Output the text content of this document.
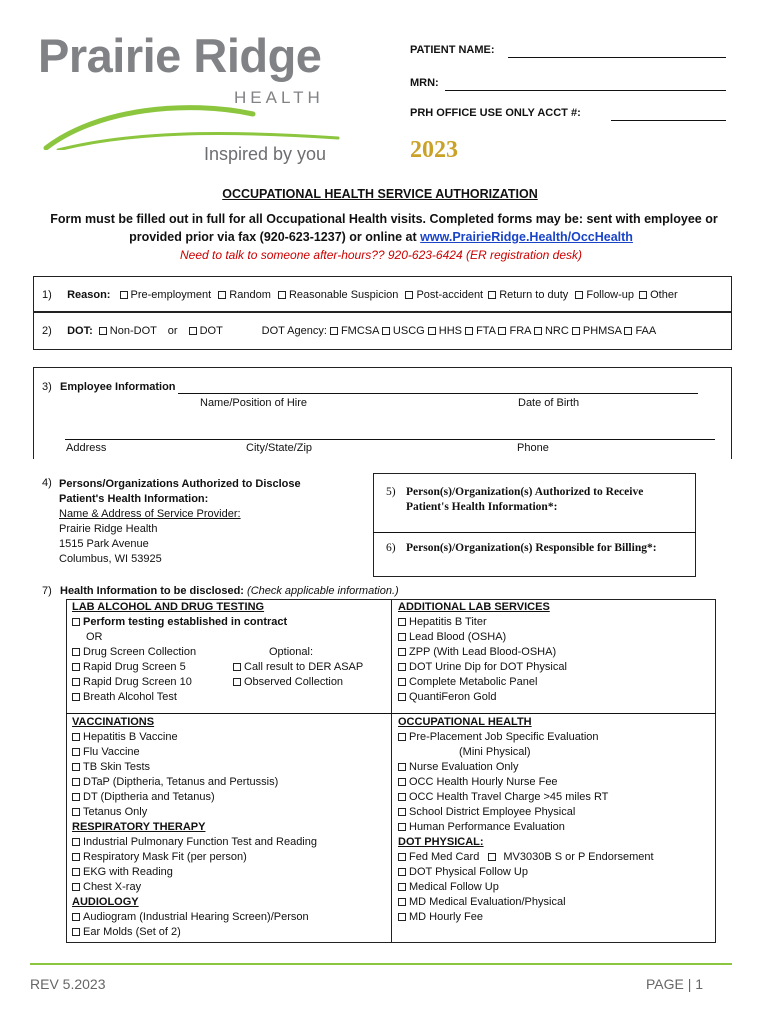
Prairie Ridge
HEALTH
Inspired by you
PATIENT NAME:
MRN:
PRH OFFICE USE ONLY ACCT #:
2023
OCCUPATIONAL HEALTH SERVICE AUTHORIZATION
Form must be filled out in full for all Occupational Health visits. Completed forms may be: sent with employee or
provided prior via fax (920-623-1237) or online at www.PrairieRidge.Health/OccHealth
Need to talk to someone after-hours?? 920-623-6424 (ER registration desk)
1) Reason: Pre-employment Random Reasonable Suspicion Post-accident Return to duty Follow-up Other
2) DOT: Non-DOT or DOT	DOT Agency: FMCSA USCG HHS FTA FRA NRC PHMSA FAA
3) Employee Information
Name/Position of Hire	Date of Birth
Address	City/State/Zip	Phone
4) Persons/Organizations Authorized to Disclose
Patient's Health Information:
Name & Address of Service Provider:
Prairie Ridge Health
1515 Park Avenue
Columbus, WI 53925
5) Person(s)/Organization(s) Authorized to Receive
Patient's Health Information*:
6) Person(s)/Organization(s) Responsible for Billing*:
7) Health Information to be disclosed: (Check applicable information.)
LAB ALCOHOL AND DRUG TESTING
Perform testing established in contract
OR
Drug Screen Collection
Rapid Drug Screen 5
Rapid Drug Screen 10
Breath Alcohol Test
Optional:
Call result to DER ASAP
Observed Collection
ADDITIONAL LAB SERVICES
Hepatitis B Titer
Lead Blood (OSHA)
ZPP (With Lead Blood-OSHA)
DOT Urine Dip for DOT Physical
Complete Metabolic Panel
QuantiFeron Gold
VACCINATIONS
Hepatitis B Vaccine
Flu Vaccine
TB Skin Tests
DTaP (Diptheria, Tetanus and Pertussis)
DT (Diptheria and Tetanus)
Tetanus Only
RESPIRATORY THERAPY
Industrial Pulmonary Function Test and Reading
Respiratory Mask Fit (per person)
EKG with Reading
Chest X-ray
AUDIOLOGY
Audiogram (Industrial Hearing Screen)/Person
Ear Molds (Set of 2)
OCCUPATIONAL HEALTH
Pre-Placement Job Specific Evaluation
(Mini Physical)
Nurse Evaluation Only
OCC Health Hourly Nurse Fee
OCC Health Travel Charge >45 miles RT
School District Employee Physical
Human Performance Evaluation
DOT PHYSICAL:
Fed Med Card MV3030B S or P Endorsement
DOT Physical Follow Up
Medical Follow Up
MD Medical Evaluation/Physical
MD Hourly Fee
REV 5.2023	PAGE | 1
